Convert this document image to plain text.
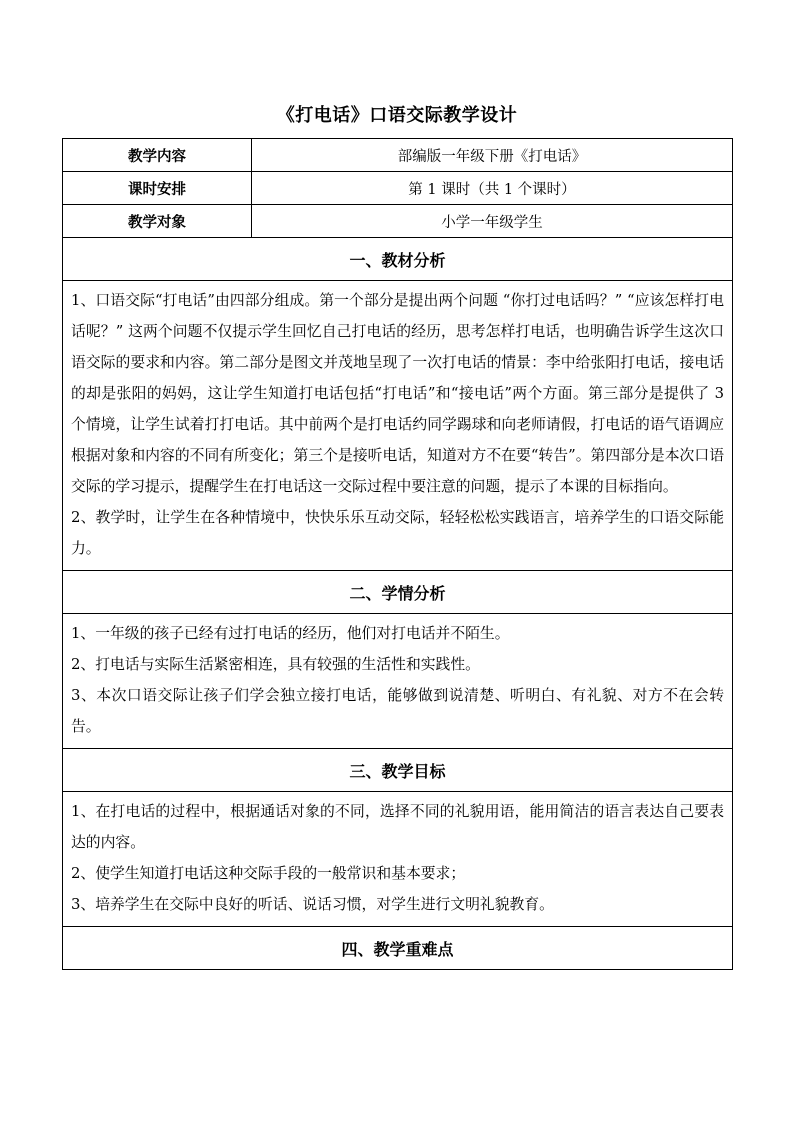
《打电话》口语交际教学设计
教学内容	部编版一年级下册《打电话》
课时安排	第 1 课时（共 1 个课时）
教学对象	小学一年级学生
一、教材分析	

1、口语交际“打电话”由四部分组成。第一个部分是提出两个问题 “你打过电话吗？” “应该怎样打电话呢？” 这两个问题不仅提示学生回忆自己打电话的经历，思考怎样打电话，也明确告诉学生这次口语交际的要求和内容。第二部分是图文并茂地呈现了一次打电话的情景：李中给张阳打电话，接电话的却是张阳的妈妈，这让学生知道打电话包括“打电话”和“接电话”两个方面。第三部分是提供了 3 个情境，让学生试着打打电话。其中前两个是打电话约同学踢球和向老师请假，打电话的语气语调应根据对象和内容的不同有所变化；第三个是接听电话，知道对方不在要“转告”。第四部分是本次口语交际的学习提示，提醒学生在打电话这一交际过程中要注意的问题，提示了本课的目标指向。

2、教学时，让学生在各种情境中，快快乐乐互动交际，轻轻松松实践语言，培养学生的口语交际能力。	

二、学情分析	

1、一年级的孩子已经有过打电话的经历，他们对打电话并不陌生。

2、打电话与实际生活紧密相连，具有较强的生活性和实践性。

3、本次口语交际让孩子们学会独立接打电话，能够做到说清楚、听明白、有礼貌、对方不在会转告。	

三、教学目标	

1、在打电话的过程中，根据通话对象的不同，选择不同的礼貌用语，能用简洁的语言表达自己要表达的内容。

2、使学生知道打电话这种交际手段的一般常识和基本要求；

3、培养学生在交际中良好的听话、说话习惯，对学生进行文明礼貌教育。	

四、教学重难点	
